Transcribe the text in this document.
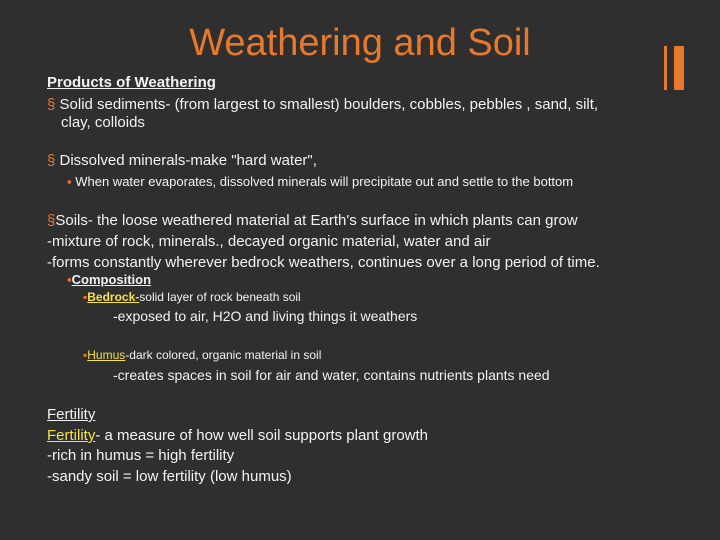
Weathering and Soil
Products of Weathering
§ Solid sediments- (from largest to smallest) boulders, cobbles, pebbles , sand, silt,
clay, colloids
§ Dissolved minerals-make "hard water",
▪ When water evaporates, dissolved minerals will precipitate out and settle to the bottom
§Soils- the loose weathered material at Earth's surface in which plants can grow
-mixture of rock, minerals., decayed organic material, water and air
-forms constantly wherever bedrock weathers, continues over a long period of time.
▪Composition
▪Bedrock-solid layer of rock beneath soil
-exposed to air, H2O and living things it weathers
▪Humus-dark colored, organic material in soil
-creates spaces in soil for air and water, contains nutrients plants need
Fertility
Fertility- a measure of how well soil supports plant growth
-rich in humus = high fertility
-sandy soil = low fertility (low humus)
